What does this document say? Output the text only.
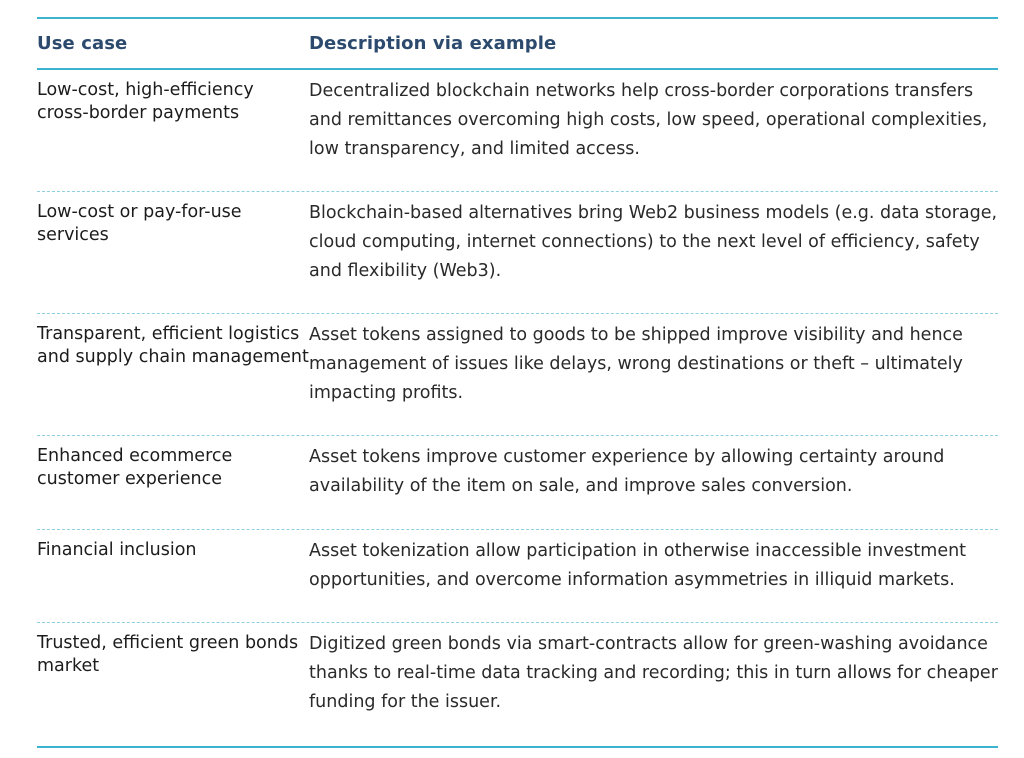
Use case	Description via example
Low-cost, high-efficiency cross-border payments
Decentralized blockchain networks help cross-border corporations transfers and remittances overcoming high costs, low speed, operational complexities, low transparency, and limited access.
Low-cost or pay-for-use services
Blockchain-based alternatives bring Web2 business models (e.g. data storage, cloud computing, internet connections) to the next level of efficiency, safety and flexibility (Web3).
Transparent, efficient logistics and supply chain management
Asset tokens assigned to goods to be shipped improve visibility and hence management of issues like delays, wrong destinations or theft – ultimately impacting profits.
Enhanced ecommerce customer experience
Asset tokens improve customer experience by allowing certainty around availability of the item on sale, and improve sales conversion.
Financial inclusion	Asset tokenization allow participation in otherwise inaccessible investment opportunities, and overcome information asymmetries in illiquid markets.
Trusted, efficient green bonds market
Digitized green bonds via smart-contracts allow for green-washing avoidance thanks to real-time data tracking and recording; this in turn allows for cheaper funding for the issuer.
